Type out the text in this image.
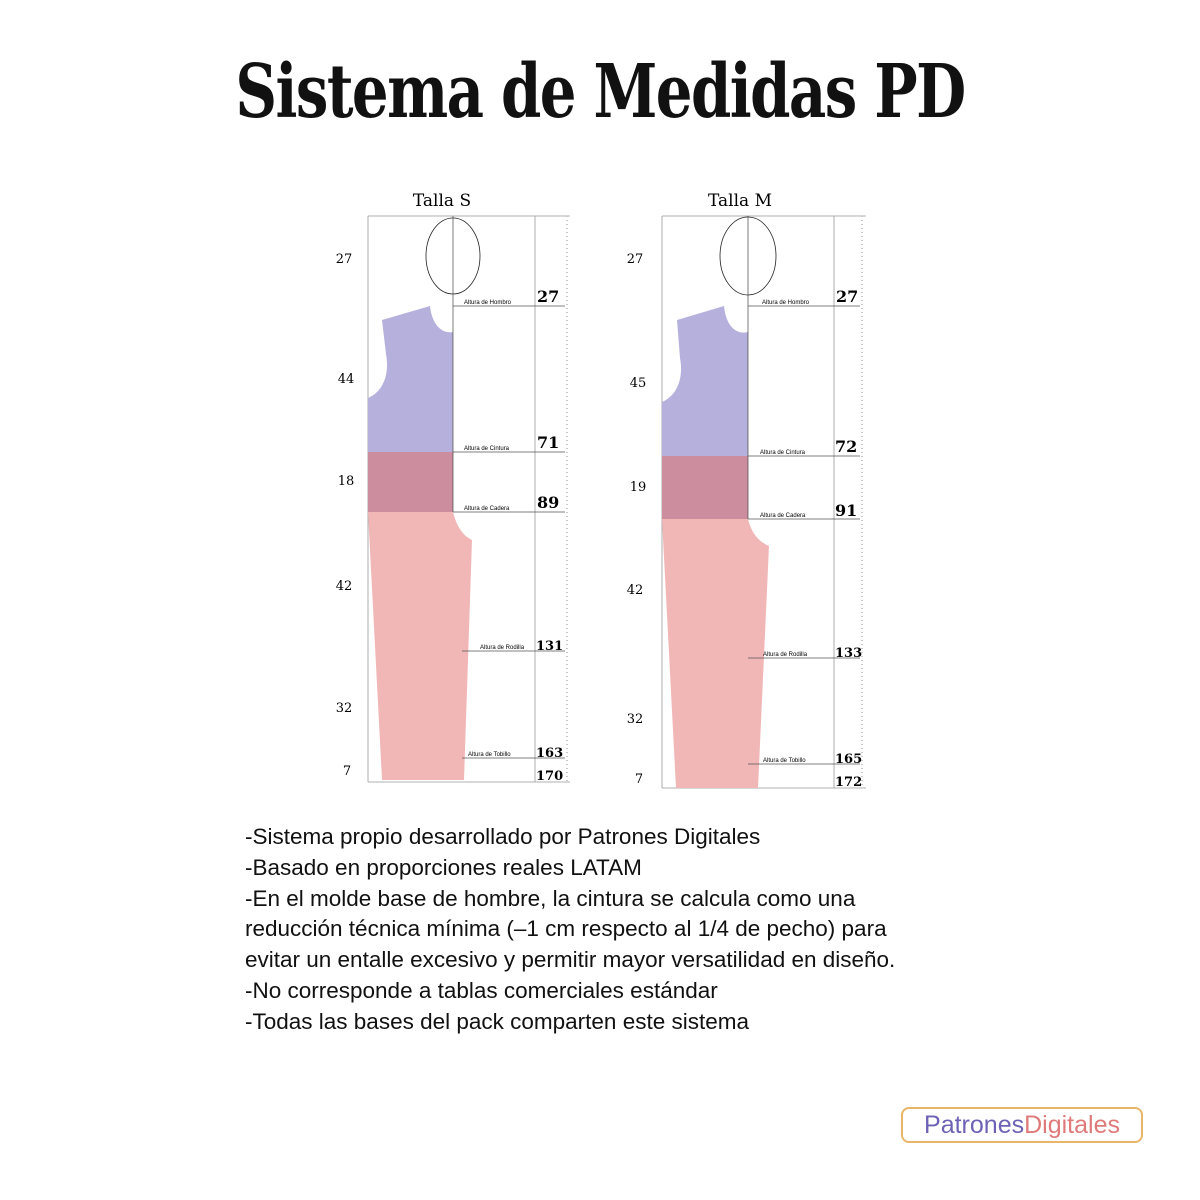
Sistema de Medidas PD
Talla S
Altura de Hombro
Altura de Cintura
Altura de Cadera
Altura de Rodilla
Altura de Tobillo
27
71
89
131
163
170
27
44
18
42
32
7
Talla M
Altura de Hombro
Altura de Cintura
Altura de Cadera
Altura de Rodilla
Altura de Tobillo
27
72
91
133
165
172
27
45
19
42
32
7
-Sistema propio desarrollado por Patrones Digitales
-Basado en proporciones reales LATAM
-En el molde base de hombre, la cintura se calcula como una
reducción técnica mínima (–1 cm respecto al 1/4 de pecho) para
evitar un entalle excesivo y permitir mayor versatilidad en diseño.
-No corresponde a tablas comerciales estándar
-Todas las bases del pack comparten este sistema
Patrones Digitales
